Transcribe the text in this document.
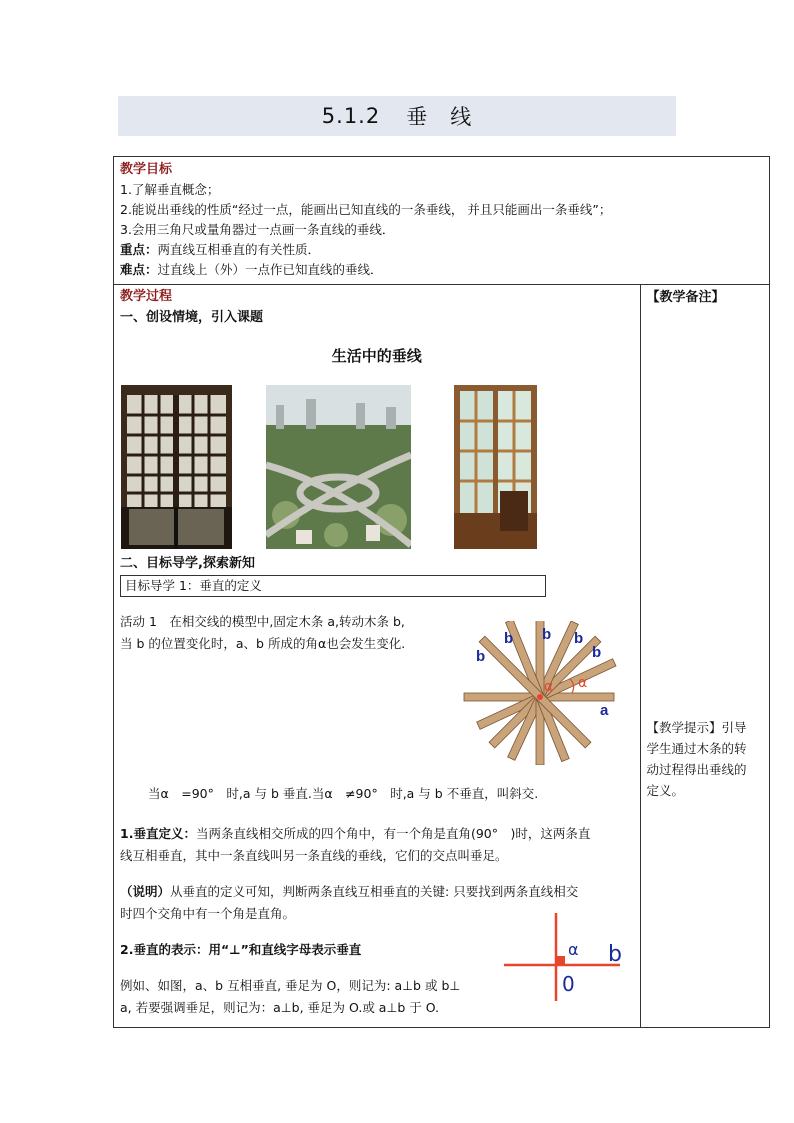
5.1.2 垂　线
教学目标
1.了解垂直概念；
2.能说出垂线的性质“经过一点，能画出已知直线的一条垂线， 并且只能画出一条垂线”；
3.会用三角尺或量角器过一点画一条直线的垂线．
重点：两直线互相垂直的有关性质．
难点：过直线上（外）一点作已知直线的垂线．

教学过程
一、创设情境，引入课题
生活中的垂线
二、目标导学,探索新知
目标导学 1：垂直的定义
活动 1　在相交线的模型中,固定木条 a,转动木条 b,
当 b 的位置变化时，a、b 所成的角α也会发生变化.
b
b b b
b
a
α α
当α　=90°　时,a 与 b 垂直.当α　≠90°　时,a 与 b 不垂直，叫斜交.
1.垂直定义：当两条直线相交所成的四个角中，有一个角是直角(90°　)时，这两条直
线互相垂直，其中一条直线叫另一条直线的垂线，它们的交点叫垂足。
（说明）从垂直的定义可知，判断两条直线互相垂直的关键: 只要找到两条直线相交
时四个交角中有一个角是直角。
2.垂直的表示：用“⊥”和直线字母表示垂直	α b
0
例如、如图，a、b 互相垂直, 垂足为 O，则记为: a⊥b 或 b⊥
a, 若要强调垂足，则记为：a⊥b, 垂足为 O.或 a⊥b 于 O.

【教学备注】
【教学提示】引导
学生通过木条的转
动过程得出垂线的
定义。
